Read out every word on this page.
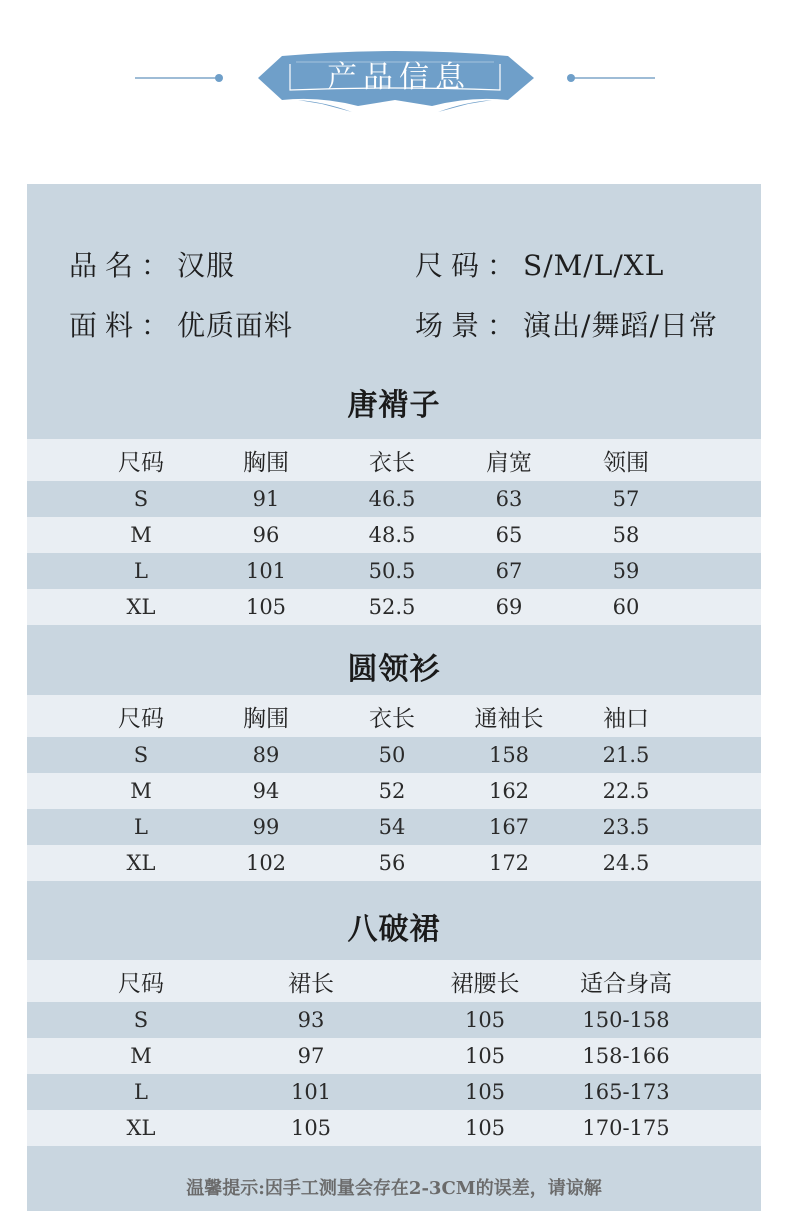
产品信息
品名：汉服	尺码：S/M/L/XL
面料：优质面料	场景：演出/舞蹈/日常
唐褙子
尺码	胸围	衣长	肩宽	领围
S	91	46.5	63	57
M	96	48.5	65	58
L	101	50.5	67	59
XL	105	52.5	69	60
圆领衫
尺码	胸围	衣长	通袖长	袖口
S	89	50	158	21.5
M	94	52	162	22.5
L	99	54	167	23.5
XL	102	56	172	24.5
八破裙
尺码	裙长	裙腰长	适合身高
S	93	105	150-158
M	97	105	158-166
L	101	105	165-173
XL	105	105	170-175
温馨提示:因手工测量会存在2-3CM的误差，请谅解
